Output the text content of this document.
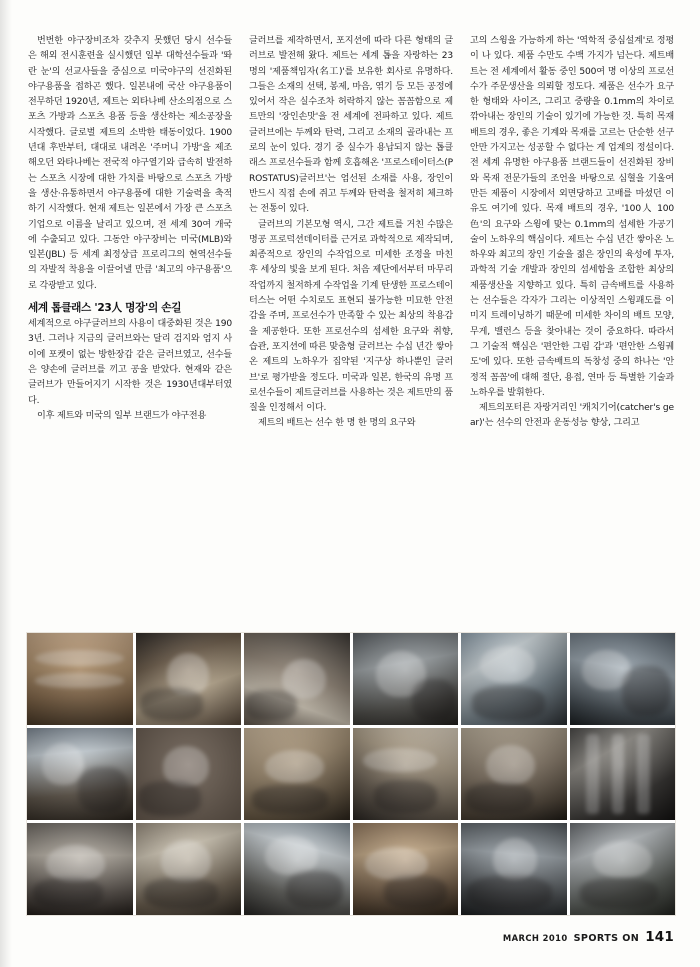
번번한 야구장비조차 갖추지 못했던 당시 선수들은 해외 전시훈련을 실시했던 일부 대학선수들과 '똬란 눈'의 선교사들을 중심으로 미국야구의 선진화된 야구용품을 접하곤 했다. 일본내에 국산 야구용품이 전무하던 1920년, 제트는 외타나베 산소의점으로 스포츠 가방과 스포츠 용품 등을 생산하는 제소공장을 시작했다. 글로벌 제트의 소박한 태동이었다. 1900년대 후반부터, 대대로 내려온 '주머니 가방'을 제조해오던 와타나베는 전국적 야구열기와 급속히 발전하는 스포츠 시장에 대한 가치를 바탕으로 스포츠 가방을 생산·유통하면서 야구용품에 대한 기술력을 축적하기 시작했다. 현재 제트는 일본에서 가장 큰 스포츠 기업으로 이름을 날리고 있으며, 전 세계 30여 개국에 수출되고 있다. 그동안 야구장비는 미국(MLB)와 일본(JBL) 등 세계 최정상급 프로리그의 현역선수들의 자발적 착용을 이끌어낼 만큼 '최고의 야구용품'으로 각광받고 있다.

세계 톱클래스 '23人 명장'의 손길

세계적으로 야구글러브의 사용이 대중화된 것은 1903년. 그러나 지금의 글러브와는 달리 검지와 엄지 사이에 포켓이 없는 방한장갑 같은 글러브였고, 선수들은 양손에 글러브를 끼고 공을 받았다. 현재와 같은 글러브가 만들어지기 시작한 것은 1930년대부터였다.

이후 제트와 미국의 일부 브랜드가 야구전용

글러브를 제작하면서, 포지션에 따라 다른 형태의 글러브로 발전해 왔다. 제트는 세계 톱을 자랑하는 23명의 '제품책임자(名工)'를 보유한 회사로 유명하다. 그들은 소재의 선택, 봉제, 마음, 엮기 등 모든 공정에 있어서 작은 실수조차 허락하지 않는 꼼꼼함으로 제트만의 '장인손맛'을 전 세계에 전파하고 있다. 제트 글러브에는 두께와 탄력, 그리고 소재의 골라내는 프로의 눈이 있다. 경기 중 실수가 용납되지 않는 톱클래스 프로선수들과 함께 호흡해온 '프로스테이터스(PROSTATUS)글러브'는 엄선된 소재를 사용, 장인이 반드시 직접 손에 쥐고 두께와 탄력을 철저히 체크하는 전통이 있다.

글러브의 기본모형 역시, 그간 제트를 거친 수많은 명공 프로덕션데이터를 근거로 과학적으로 제작되며, 최종적으로 장인의 수작업으로 미세한 조정을 마친 후 세상의 빛을 보게 된다. 처음 제단에서부터 마무리 작업까지 철저하게 수작업을 기계 탄생한 프로스테이터스는 어떤 수치로도 표현되 불가능한 미묘한 안전감을 주며, 프로선수가 만족할 수 있는 최상의 착용감을 제공한다. 또한 프로선수의 섬세한 요구와 취향, 습관, 포지션에 따른 맞춤형 글러브는 수십 년간 쌓아온 제트의 노하우가 집약된 '지구상 하나뿐인 글러브'로 평가받을 정도다. 미국과 일본, 한국의 유명 프로선수들이 제트글러브를 사용하는 것은 제트만의 품질을 인정해서 이다.

제트의 배트는 선수 한 명 한 명의 요구와

고의 스윙을 가능하게 하는 '역학적 중심설계'로 정평이 나 있다. 제품 수만도 수백 가지가 넘는다. 제트배트는 전 세계에서 활동 중인 500여 명 이상의 프로선수가 주문생산을 의뢰할 정도다. 제품은 선수가 요구한 형태와 사이즈, 그리고 중량을 0.1mm의 차이로 깎아내는 장인의 기술이 있기에 가능한 것. 특히 목재 배트의 경우, 좋은 기계와 목재를 고르는 단순한 선구안만 가지고는 성공할 수 없다는 게 업계의 정설이다. 전 세계 유명한 야구용품 브랜드들이 선진화된 장비와 목재 전문가들의 조언을 바탕으로 심혈을 기울여 만든 제품이 시장에서 외면당하고 고배를 마셨던 이유도 여기에 있다. 목재 배트의 경우, '100人 100色'의 요구와 스윙에 맞는 0.1mm의 섬세한 가공기술이 노하우의 핵심이다. 제트는 수십 년간 쌓아온 노하우와 최고의 장인 기술을 젊은 장인의 육성에 투자, 과학적 기술 개발과 장인의 섬세함을 조합한 최상의 제품생산을 지향하고 있다. 특히 금속배트를 사용하는 선수들은 각자가 그리는 이상적인 스윙괘도를 이미지 트레이닝하기 때문에 미세한 차이의 배트 모양, 무게, 밸런스 등을 찾아내는 것이 중요하다. 따라서 그 기술적 핵심은 '편안한 그림 감'과 '편안한 스윙궤도'에 있다. 또한 금속배트의 독창성 중의 하나는 '안정적 꼼꼼'에 대해 절단, 용접, 연마 등 특별한 기술과 노하우를 발휘한다.

제트의포터른 자랑거리인 '캐치기어(catcher's gear)'는 선수의 안전과 운동성능 향상, 그리고

MARCH 2010 SPORTS ON 141
